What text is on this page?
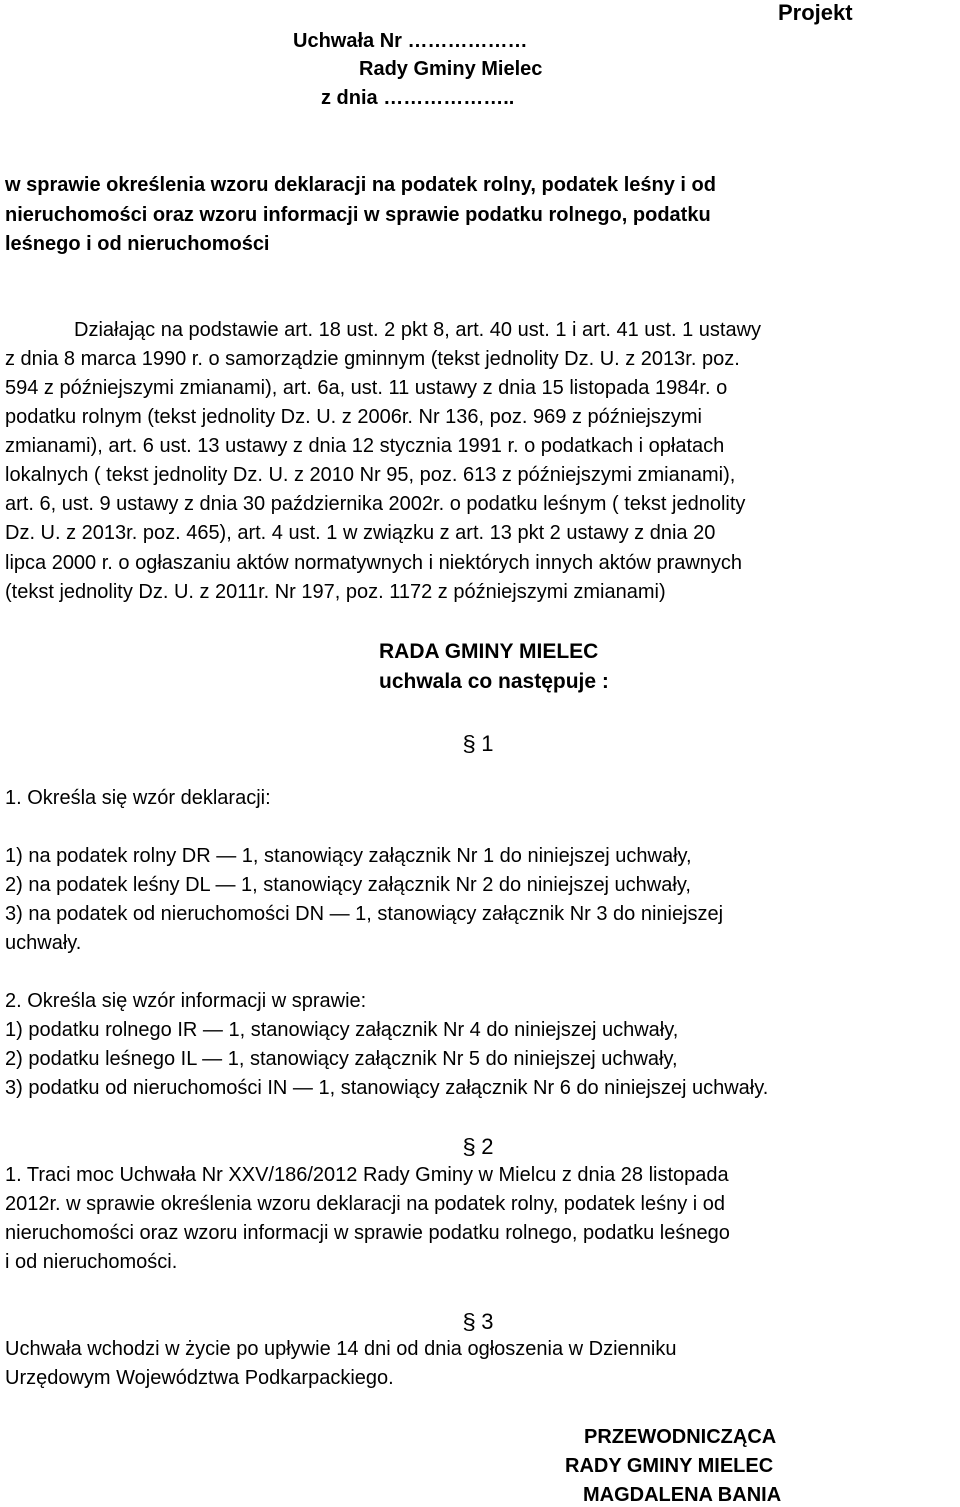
Projekt
Uchwała Nr ………………
Rady Gminy Mielec
z dnia ………………..
w sprawie określenia wzoru deklaracji na podatek rolny, podatek leśny i od
nieruchomości oraz wzoru informacji w sprawie podatku rolnego, podatku
leśnego i od nieruchomości
Działając na podstawie art. 18 ust. 2 pkt 8, art. 40 ust. 1 i art. 41 ust. 1 ustawy
z dnia 8 marca 1990 r. o samorządzie gminnym (tekst jednolity Dz. U. z 2013r. poz.
594 z późniejszymi zmianami), art. 6a, ust. 11 ustawy z dnia 15 listopada 1984r. o
podatku rolnym (tekst jednolity Dz. U. z 2006r. Nr 136, poz. 969 z późniejszymi
zmianami), art. 6 ust. 13 ustawy z dnia 12 stycznia 1991 r. o podatkach i opłatach
lokalnych ( tekst jednolity Dz. U. z 2010 Nr 95, poz. 613 z późniejszymi zmianami),
art. 6, ust. 9 ustawy z dnia 30 października 2002r. o podatku leśnym ( tekst jednolity
Dz. U. z 2013r. poz. 465), art. 4 ust. 1 w związku z art. 13 pkt 2 ustawy z dnia 20
lipca 2000 r. o ogłaszaniu aktów normatywnych i niektórych innych aktów prawnych
(tekst jednolity Dz. U. z 2011r. Nr 197, poz. 1172 z późniejszymi zmianami)
RADA GMINY MIELEC
uchwala co następuje :
§ 1
1. Określa się wzór deklaracji:
1) na podatek rolny DR — 1, stanowiący załącznik Nr 1 do niniejszej uchwały,
2) na podatek leśny DL — 1, stanowiący załącznik Nr 2 do niniejszej uchwały,
3) na podatek od nieruchomości DN — 1, stanowiący załącznik Nr 3 do niniejszej
uchwały.
2. Określa się wzór informacji w sprawie:
1) podatku rolnego IR — 1, stanowiący załącznik Nr 4 do niniejszej uchwały,
2) podatku leśnego IL — 1, stanowiący załącznik Nr 5 do niniejszej uchwały,
3) podatku od nieruchomości IN — 1, stanowiący załącznik Nr 6 do niniejszej uchwały.
§ 2
1. Traci moc Uchwała Nr XXV/186/2012 Rady Gminy w Mielcu z dnia 28 listopada
2012r. w sprawie określenia wzoru deklaracji na podatek rolny, podatek leśny i od
nieruchomości oraz wzoru informacji w sprawie podatku rolnego, podatku leśnego
i od nieruchomości.
§ 3
Uchwała wchodzi w życie po upływie 14 dni od dnia ogłoszenia w Dzienniku
Urzędowym Województwa Podkarpackiego.
PRZEWODNICZĄCA
RADY GMINY MIELEC
MAGDALENA BANIA
